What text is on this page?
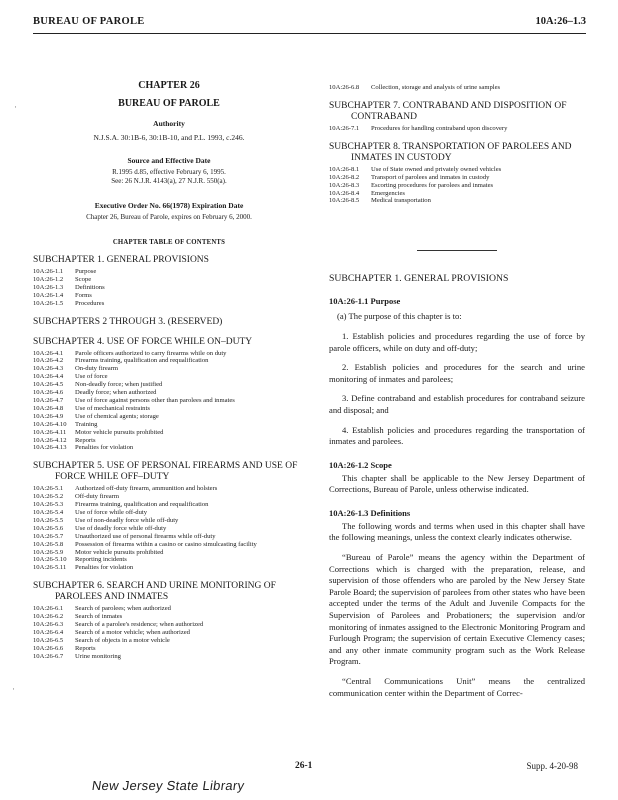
BUREAU OF PAROLE	10A:26–1.3
·
·

CHAPTER 26

BUREAU OF PAROLE

Authority

N.J.S.A. 30:1B-6, 30:1B-10, and P.L. 1993, c.246.

Source and Effective Date

R.1995 d.85, effective February 6, 1995.
See: 26 N.J.R. 4143(a), 27 N.J.R. 550(a).

Executive Order No. 66(1978) Expiration Date

Chapter 26, Bureau of Parole, expires on February 6, 2000.

CHAPTER TABLE OF CONTENTS

SUBCHAPTER 1. GENERAL PROVISIONS

10A:26-1.1	Purpose
10A:26-1.2	Scope
10A:26-1.3	Definitions
10A:26-1.4	Forms
10A:26-1.5	Procedures

SUBCHAPTERS 2 THROUGH 3. (RESERVED)

SUBCHAPTER 4. USE OF FORCE WHILE ON–DUTY

10A:26-4.1	Parole officers authorized to carry firearms while on duty
10A:26-4.2	Firearms training, qualification and requalification
10A:26-4.3	On-duty firearm
10A:26-4.4	Use of force
10A:26-4.5	Non-deadly force; when justified
10A:26-4.6	Deadly force; when authorized
10A:26-4.7	Use of force against persons other than parolees and inmates
10A:26-4.8	Use of mechanical restraints
10A:26-4.9	Use of chemical agents; storage
10A:26-4.10	Training
10A:26-4.11	Motor vehicle pursuits prohibited
10A:26-4.12	Reports
10A:26-4.13	Penalties for violation

SUBCHAPTER 5. USE OF PERSONAL FIREARMS AND USE OF FORCE WHILE OFF–DUTY

10A:26-5.1	Authorized off-duty firearm, ammunition and holsters
10A:26-5.2	Off-duty firearm
10A:26-5.3	Firearms training, qualification and requalification
10A:26-5.4	Use of force while off-duty
10A:26-5.5	Use of non-deadly force while off-duty
10A:26-5.6	Use of deadly force while off-duty
10A:26-5.7	Unauthorized use of personal firearms while off-duty
10A:26-5.8	Possession of firearms within a casino or casino simulcasting facility
10A:26-5.9	Motor vehicle pursuits prohibited
10A:26-5.10	Reporting incidents
10A:26-5.11	Penalties for violation

SUBCHAPTER 6. SEARCH AND URINE MONITORING OF PAROLEES AND INMATES

10A:26-6.1	Search of parolees; when authorized
10A:26-6.2	Search of inmates
10A:26-6.3	Search of a parolee's residence; when authorized
10A:26-6.4	Search of a motor vehicle; when authorized
10A:26-6.5	Search of objects in a motor vehicle
10A:26-6.6	Reports
10A:26-6.7	Urine monitoring
10A:26-6.8	Collection, storage and analysis of urine samples

SUBCHAPTER 7. CONTRABAND AND DISPOSITION OF CONTRABAND

10A:26-7.1	Procedures for handling contraband upon discovery

SUBCHAPTER 8. TRANSPORTATION OF PAROLEES AND INMATES IN CUSTODY

10A:26-8.1	Use of State owned and privately owned vehicles
10A:26-8.2	Transport of parolees and inmates in custody
10A:26-8.3	Escorting procedures for parolees and inmates
10A:26-8.4	Emergencies
10A:26-8.5	Medical transportation

SUBCHAPTER 1. GENERAL PROVISIONS

10A:26-1.1 Purpose

(a) The purpose of this chapter is to:

1. Establish policies and procedures regarding the use of force by parole officers, while on duty and off-duty;

2. Establish policies and procedures for the search and urine monitoring of inmates and parolees;

3. Define contraband and establish procedures for contraband seizure and disposal; and

4. Establish policies and procedures regarding the transportation of inmates and parolees.

10A:26-1.2 Scope

This chapter shall be applicable to the New Jersey Department of Corrections, Bureau of Parole, unless otherwise indicated.

10A:26-1.3 Definitions

The following words and terms when used in this chapter shall have the following meanings, unless the context clearly indicates otherwise.

“Bureau of Parole” means the agency within the Department of Corrections which is charged with the preparation, release, and supervision of those offenders who are paroled by the New Jersey State Parole Board; the supervision of parolees from other states who have been accepted under the terms of the Adult and Juvenile Compacts for the Supervision of Parolees and Probationers; the supervision and/or monitoring of inmates assigned to the Electronic Monitoring Program and Furlough Program; the supervision of certain Executive Clemency cases; and any other inmate community program such as the Work Release Program.

“Central Communications Unit” means the centralized communication center within the Department of Correc-

26-1	Supp. 4-20-98
New Jersey State Library
